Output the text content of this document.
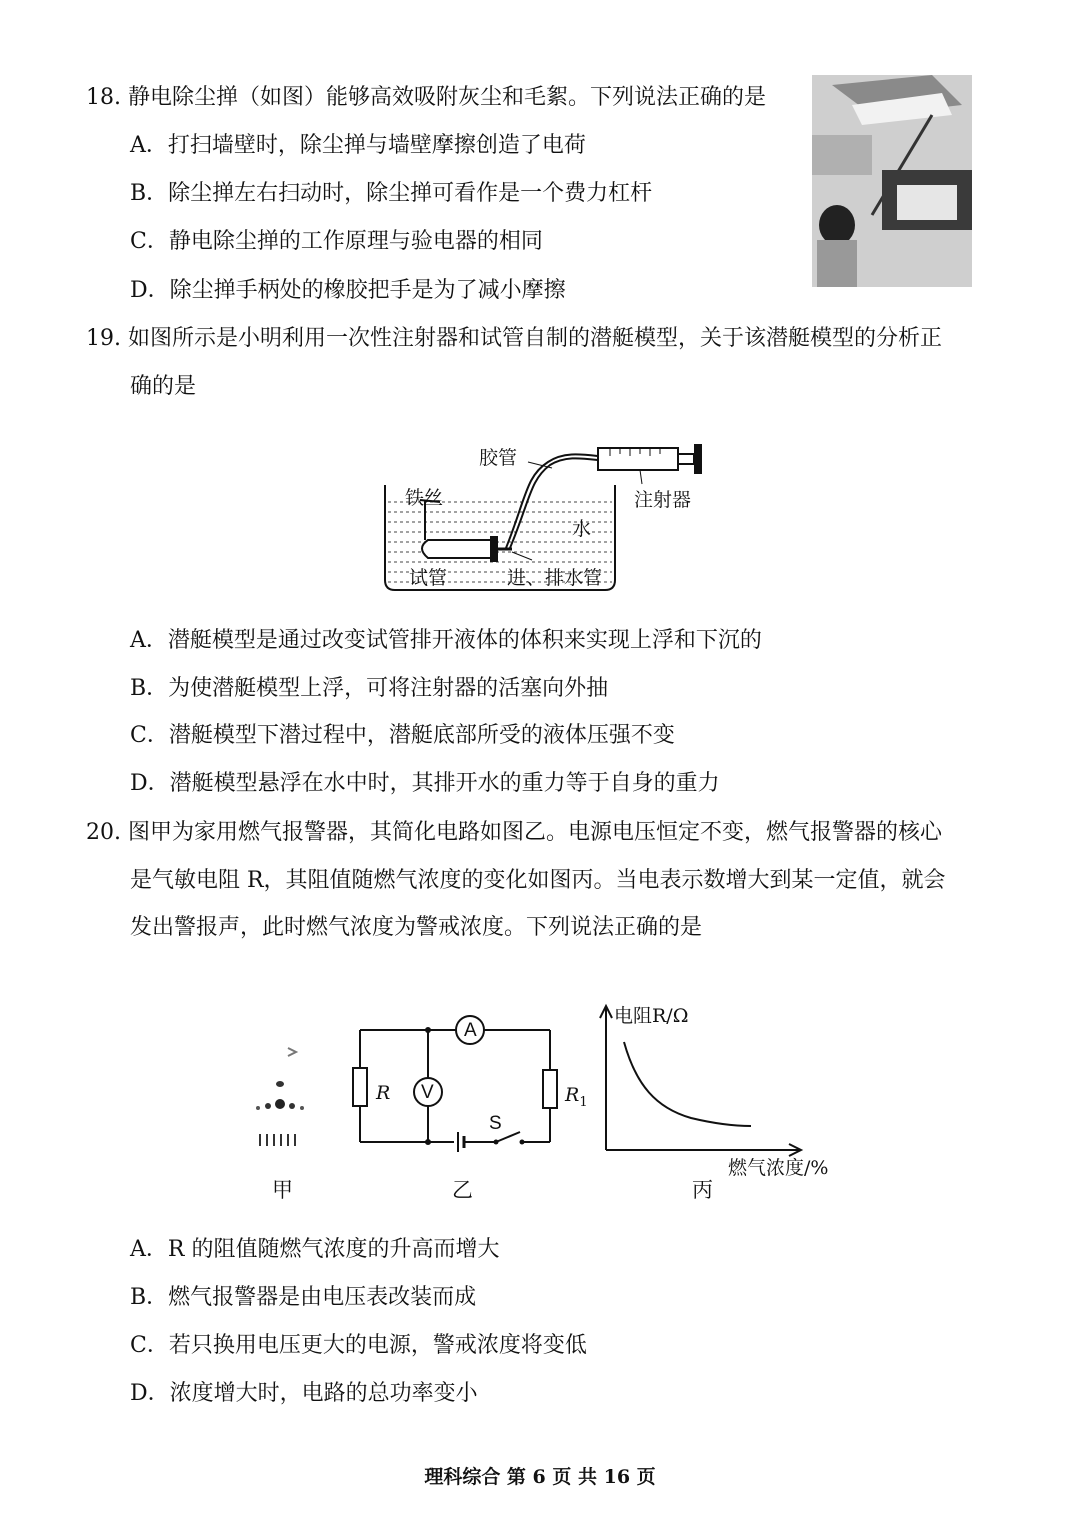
18. 静电除尘掸（如图）能够高效吸附灰尘和毛絮。下列说法正确的是
A．打扫墙壁时，除尘掸与墙壁摩擦创造了电荷
B．除尘掸左右扫动时，除尘掸可看作是一个费力杠杆
C．静电除尘掸的工作原理与验电器的相同
D．除尘掸手柄处的橡胶把手是为了减小摩擦
19. 如图所示是小明利用一次性注射器和试管自制的潜艇模型，关于该潜艇模型的分析正
确的是
胶管
注射器
铁丝
水
试管	进、排水管
A．潜艇模型是通过改变试管排开液体的体积来实现上浮和下沉的
B．为使潜艇模型上浮，可将注射器的活塞向外抽
C．潜艇模型下潜过程中，潜艇底部所受的液体压强不变
D．潜艇模型悬浮在水中时，其排开水的重力等于自身的重力
20. 图甲为家用燃气报警器，其简化电路如图乙。电源电压恒定不变，燃气报警器的核心
是气敏电阻 R，其阻值随燃气浓度的变化如图丙。当电表示数增大到某一定值，就会
发出警报声，此时燃气浓度为警戒浓度。下列说法正确的是
A
V
R	$R_1$
S
电阻R/Ω
燃气浓度/%
甲	乙	丙
A．R 的阻值随燃气浓度的升高而增大
B．燃气报警器是由电压表改装而成
C．若只换用电压更大的电源，警戒浓度将变低
D．浓度增大时，电路的总功率变小
理科综合 第 6 页 共 16 页
